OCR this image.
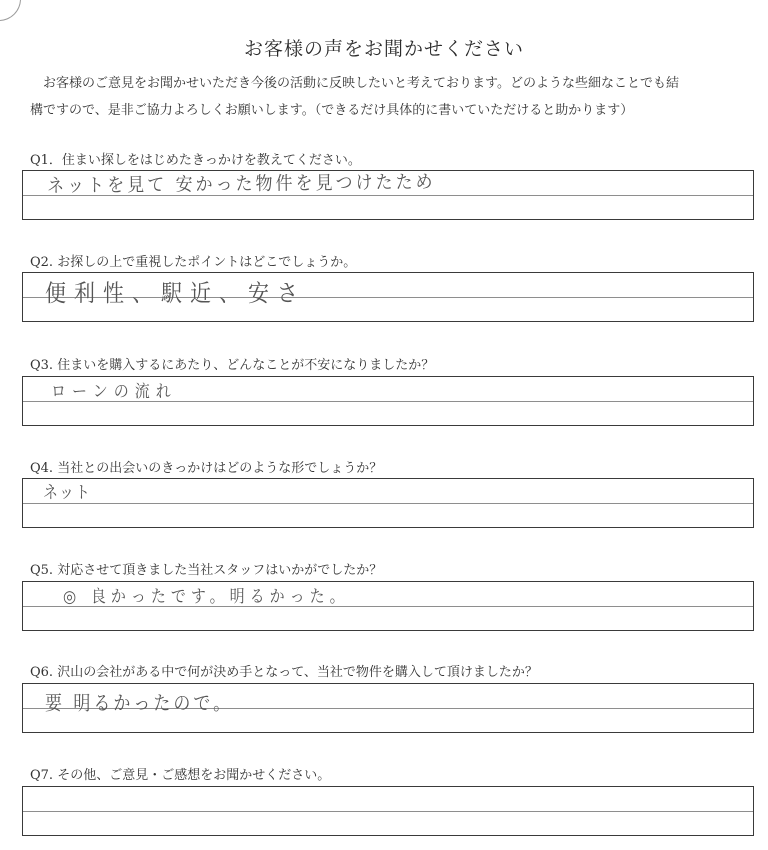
お客様の声をお聞かせください

お客様のご意見をお聞かせいただき今後の活動に反映したいと考えております。どのような些細なことでも結

構ですので、是非ご協力よろしくお願いします。（できるだけ具体的に書いていただけると助かります）

Q1．住まい探しをはじめたきっかけを教えてください。
ネットを見て 安かった物件を見つけたため
Q2. お探しの上で重視したポイントはどこでしょうか。
便利性、駅近、安さ
Q3. 住まいを購入するにあたり、どんなことが不安になりましたか？
ローンの流れ
Q4. 当社との出会いのきっかけはどのような形でしょうか？
ネット
Q5. 対応させて頂きました当社スタッフはいかがでしたか？
◎ 良かったです。明るかった。
Q6. 沢山の会社がある中で何が決め手となって、当社で物件を購入して頂けましたか？
要 明るかったので。
Q7. その他、ご意見・ご感想をお聞かせください。
